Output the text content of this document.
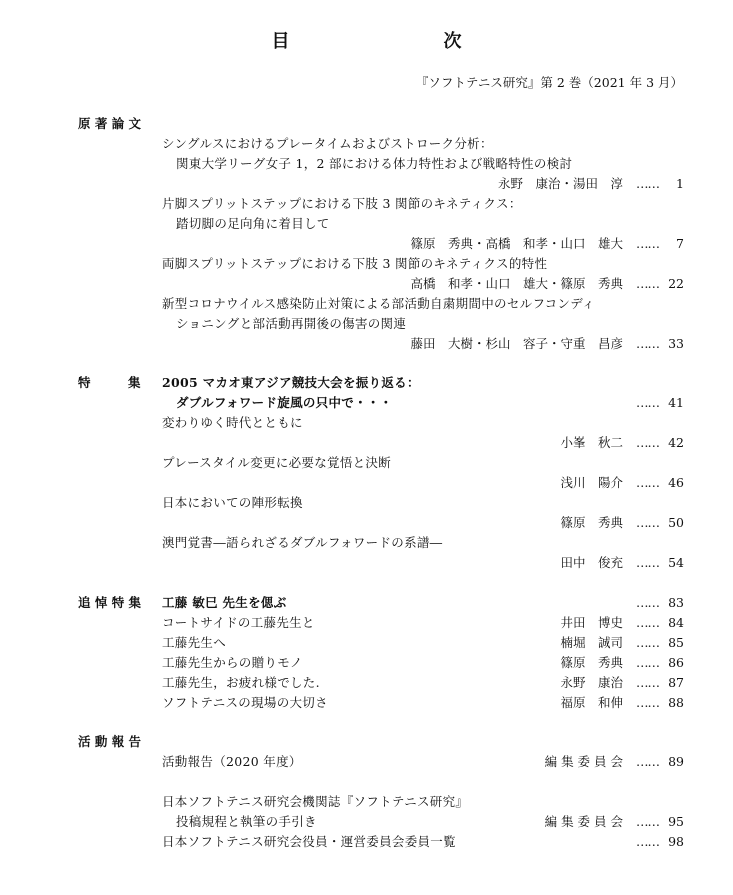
目　次
『ソフトテニス研究』第 2 巻（2021 年 3 月）
原 著 論 文
シングルスにおけるプレータイムおよびストローク分析：
関東大学リーグ女子 1，2 部における体力特性および戦略特性の検討
永野　康治・湯田　淳 …… 1
片脚スプリットステップにおける下肢 3 関節のキネティクス：
踏切脚の足向角に着目して
篠原　秀典・高橋　和孝・山口　雄大 …… 7
両脚スプリットステップにおける下肢 3 関節のキネティクス的特性
高橋　和孝・山口　雄大・篠原　秀典 …… 22
新型コロナウイルス感染防止対策による部活動自粛期間中のセルフコンディ
ショニングと部活動再開後の傷害の関連
藤田　大樹・杉山　容子・守重　昌彦 …… 33
特　　　集 2005 マカオ東アジア競技大会を振り返る：
ダブルフォワード旋風の只中で・・・	…… 41
変わりゆく時代とともに
小峯　秋二 …… 42
プレースタイル変更に必要な覚悟と決断
浅川　陽介 …… 46
日本においての陣形転換
篠原　秀典 …… 50
澳門覚書―語られざるダブルフォワードの系譜―
田中　俊充 …… 54
追 悼 特 集 工藤 敏巳 先生を偲ぶ	…… 83
コートサイドの工藤先生と	井田　博史 …… 84
工藤先生へ	楠堀　誠司 …… 85
工藤先生からの贈りモノ	篠原　秀典 …… 86
工藤先生，お疲れ様でした.	永野　康治 …… 87
ソフトテニスの現場の大切さ	福原　和伸 …… 88
活 動 報 告
活動報告（2020 年度）	編 集 委 員 会 …… 89
日本ソフトテニス研究会機関誌『ソフトテニス研究』
投稿規程と執筆の手引き	編 集 委 員 会 …… 95
日本ソフトテニス研究会役員・運営委員会委員一覧	…… 98
